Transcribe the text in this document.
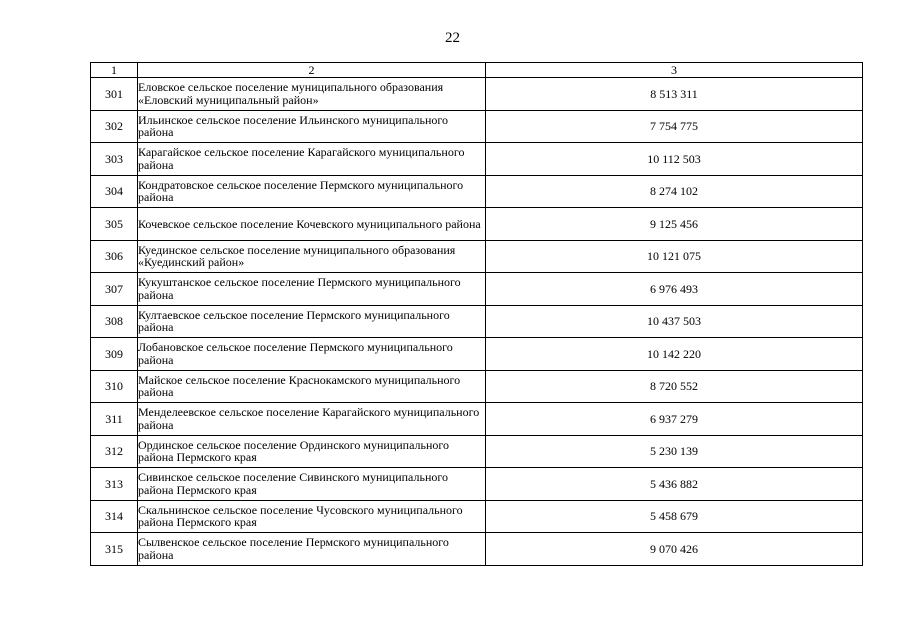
22
1	2	3
301	Еловское сельское поселение муниципального образования «Еловский муниципальный район»	8 513 311
302	Ильинское сельское поселение Ильинского муниципального района	7 754 775
303	Карагайское сельское поселение Карагайского муниципального района	10 112 503
304	Кондратовское сельское поселение Пермского муниципального района	8 274 102
305	Кочевское сельское поселение Кочевского муниципального района	9 125 456
306	Куединское сельское поселение муниципального образования «Куединский район»	10 121 075
307	Кукуштанское сельское поселение Пермского муниципального района	6 976 493
308	Култаевское сельское поселение Пермского муниципального района	10 437 503
309	Лобановское сельское поселение Пермского муниципального района	10 142 220
310	Майское сельское поселение Краснокамского муниципального района	8 720 552
311	Менделеевское сельское поселение Карагайского муниципального района	6 937 279
312	Ординское сельское поселение Ординского муниципального района Пермского края	5 230 139
313	Сивинское сельское поселение Сивинского муниципального района Пермского края	5 436 882
314	Скальнинское сельское поселение Чусовского муниципального района Пермского края	5 458 679
315	Сылвенское сельское поселение Пермского муниципального района	9 070 426
